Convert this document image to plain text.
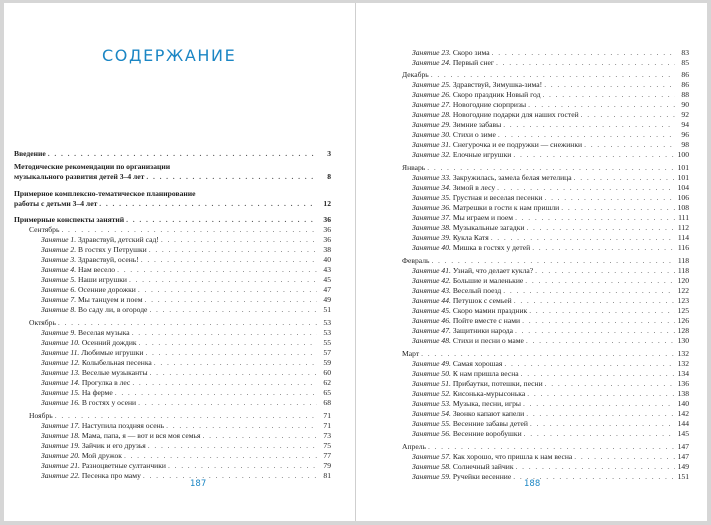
СОДЕРЖАНИЕ
Введение . . .	3
Методические рекомендации по организации
музыкального развития детей 3–4 лет . . .	8
Примерное комплексно-тематическое планирование
работы с детьми 3–4 лет . . .	12
Примерные конспекты занятий . . .	36
Сентябрь . . .	36
Занятие 1. Здравствуй, детский сад! . . .	36
Занятие 2. В гостях у Петрушки . . .	38
Занятие 3. Здравствуй, осень! . . .	40
Занятие 4. Нам весело . . .	43
Занятие 5. Наши игрушки . . .	45
Занятие 6. Осенние дорожки . . .	47
Занятие 7. Мы танцуем и поем . . .	49
Занятие 8. Во саду ли, в огороде . . .	51
Октябрь . . .	53
Занятие 9. Веселая музыка . . .	53
Занятие 10. Осенний дождик . . .	55
Занятие 11. Любимые игрушки . . .	57
Занятие 12. Колыбельная песенка . . .	59
Занятие 13. Веселые музыканты . . .	60
Занятие 14. Прогулка в лес . . .	62
Занятие 15. На ферме . . .	65
Занятие 16. В гостях у осени . . .	68
Ноябрь . . .	71
Занятие 17. Наступила поздняя осень . . .	71
Занятие 18. Мама, папа, я — вот и вся моя семья . . .	73
Занятие 19. Зайчик и его друзья . . .	75
Занятие 20. Мой дружок . . .	77
Занятие 21. Разноцветные султанчики . . .	79
Занятие 22. Песенка про маму . . .	81
187
Занятие 23. Скоро зима . . .	83
Занятие 24. Первый снег . . .	85
Декабрь . . .	86
Занятие 25. Здравствуй, Зимушка-зима! . . .	86
Занятие 26. Скоро праздник Новый год . . .	88
Занятие 27. Новогодние сюрпризы . . .	90
Занятие 28. Новогодние подарки для наших гостей . . .	92
Занятие 29. Зимние забавы . . .	94
Занятие 30. Стихи о зиме . . .	96
Занятие 31. Снегурочка и ее подружки — снежинки . . .	98
Занятие 32. Елочные игрушки . . .	100
Январь . . .	101
Занятие 33. Закружилась, замела белая метелица . . .	101
Занятие 34. Зимой в лесу . . .	104
Занятие 35. Грустная и веселая песенки . . .	106
Занятие 36. Матрешки в гости к нам пришли . . .	108
Занятие 37. Мы играем и поем . . .	111
Занятие 38. Музыкальные загадки . . .	112
Занятие 39. Кукла Катя . . .	114
Занятие 40. Мишка в гостях у детей . . .	116
Февраль . . .	118
Занятие 41. Узнай, что делает кукла? . . .	118
Занятие 42. Большие и маленькие . . .	120
Занятие 43. Веселый поезд . . .	122
Занятие 44. Петушок с семьей . . .	123
Занятие 45. Скоро мамин праздник . . .	125
Занятие 46. Пойте вместе с нами . . .	126
Занятие 47. Защитники народа . . .	128
Занятие 48. Стихи и песни о маме . . .	130
Март . . .	132
Занятие 49. Самая хорошая . . .	132
Занятие 50. К нам пришла весна . . .	134
Занятие 51. Прибаутки, потешки, песни . . .	136
Занятие 52. Кисонька-мурысонька . . .	138
Занятие 53. Музыка, песни, игры . . .	140
Занятие 54. Звонко капают капели . . .	142
Занятие 55. Весенние забавы детей . . .	144
Занятие 56. Весенние воробушки . . .	145
Апрель . . .	147
Занятие 57. Как хорошо, что пришла к нам весна . . .	147
Занятие 58. Солнечный зайчик . . .	149
Занятие 59. Ручейки весенние . . .	151
188
